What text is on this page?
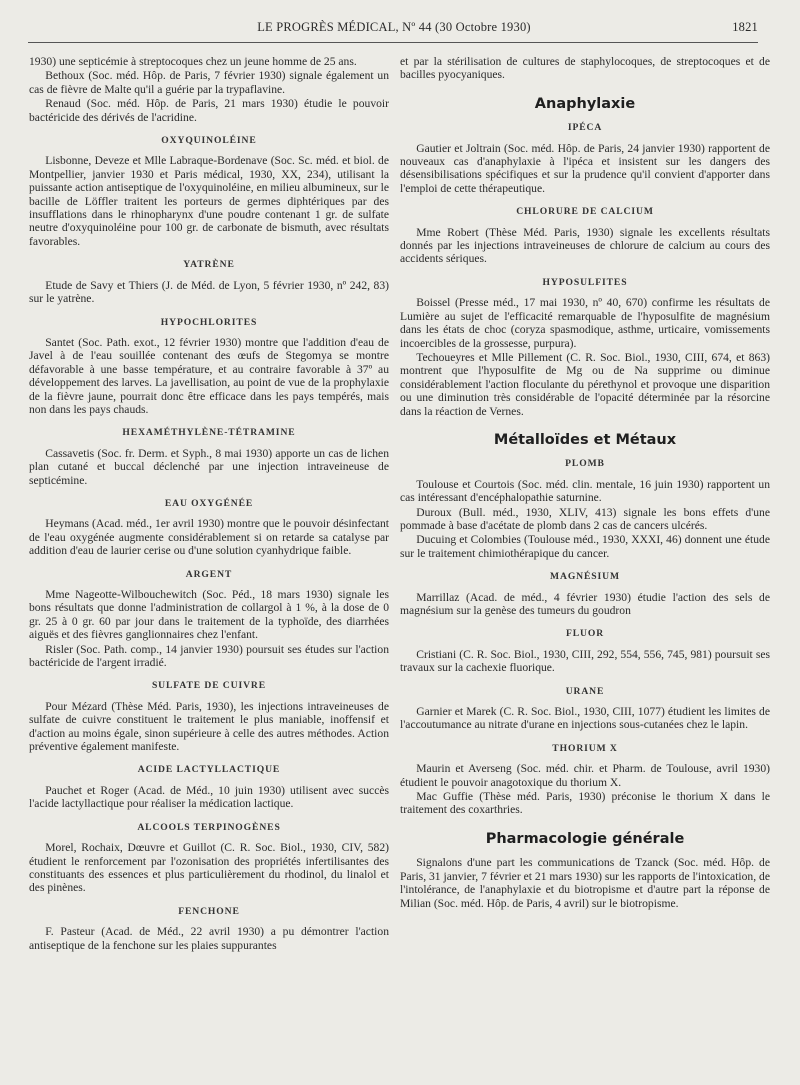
LE PROGRÈS MÉDICAL, Nº 44 (30 Octobre 1930)	1821

1930) une septicémie à streptocoques chez un jeune homme de 25 ans.

Bethoux (Soc. méd. Hôp. de Paris, 7 février 1930) signale également un cas de fièvre de Malte qu'il a guérie par la trypaflavine.

Renaud (Soc. méd. Hôp. de Paris, 21 mars 1930) étudie le pouvoir bactéricide des dérivés de l'acridine.

OXYQUINOLÉINE

Lisbonne, Deveze et Mlle Labraque-Bordenave (Soc. Sc. méd. et biol. de Montpellier, janvier 1930 et Paris médical, 1930, XX, 234), utilisant la puissante action antiseptique de l'oxyquinoléine, en milieu albumineux, sur le bacille de Löffler traitent les porteurs de germes diphtériques par des insufflations dans le rhinopharynx d'une poudre contenant 1 gr. de sulfate neutre d'oxyquinoléine pour 100 gr. de carbonate de bismuth, avec résultats favorables.

YATRÈNE

Etude de Savy et Thiers (J. de Méd. de Lyon, 5 février 1930, nº 242, 83) sur le yatrène.

HYPOCHLORITES

Santet (Soc. Path. exot., 12 février 1930) montre que l'addition d'eau de Javel à de l'eau souillée contenant des œufs de Stegomya se montre défavorable à une basse température, et au contraire favorable à 37º au développement des larves. La javellisation, au point de vue de la prophylaxie de la fièvre jaune, pourrait donc être efficace dans les pays tempérés, mais non dans les pays chauds.

HEXAMÉTHYLÈNE-TÉTRAMINE

Cassavetis (Soc. fr. Derm. et Syph., 8 mai 1930) apporte un cas de lichen plan cutané et buccal déclenché par une injection intraveineuse de septicémine.

EAU OXYGÉNÉE

Heymans (Acad. méd., 1er avril 1930) montre que le pouvoir désinfectant de l'eau oxygénée augmente considérablement si on retarde sa catalyse par addition d'eau de laurier cerise ou d'une solution cyanhydrique faible.

ARGENT

Mme Nageotte-Wilbouchewitch (Soc. Péd., 18 mars 1930) signale les bons résultats que donne l'administration de collargol à 1 %, à la dose de 0 gr. 25 à 0 gr. 60 par jour dans le traitement de la typhoïde, des diarrhées aiguës et des fièvres ganglionnaires chez l'enfant.

Risler (Soc. Path. comp., 14 janvier 1930) poursuit ses études sur l'action bactéricide de l'argent irradié.

SULFATE DE CUIVRE

Pour Mézard (Thèse Méd. Paris, 1930), les injections intraveineuses de sulfate de cuivre constituent le traitement le plus maniable, inoffensif et d'action au moins égale, sinon supérieure à celle des autres méthodes. Action préventive également manifeste.

ACIDE LACTYLLACTIQUE

Pauchet et Roger (Acad. de Méd., 10 juin 1930) utilisent avec succès l'acide lactyllactique pour réaliser la médication lactique.

ALCOOLS TERPINOGÈNES

Morel, Rochaix, Dœuvre et Guillot (C. R. Soc. Biol., 1930, CIV, 582) étudient le renforcement par l'ozonisation des propriétés infertilisantes des constituants des essences et plus particulièrement du rhodinol, du linalol et des pinènes.

FENCHONE

F. Pasteur (Acad. de Méd., 22 avril 1930) a pu démontrer l'action antiseptique de la fenchone sur les plaies suppurantes

et par la stérilisation de cultures de staphylocoques, de streptocoques et de bacilles pyocyaniques.

Anaphylaxie
IPÉCA

Gautier et Joltrain (Soc. méd. Hôp. de Paris, 24 janvier 1930) rapportent de nouveaux cas d'anaphylaxie à l'ipéca et insistent sur les dangers des désensibilisations spécifiques et sur la prudence qu'il convient d'apporter dans l'emploi de cette thérapeutique.

CHLORURE DE CALCIUM

Mme Robert (Thèse Méd. Paris, 1930) signale les excellents résultats donnés par les injections intraveineuses de chlorure de calcium au cours des accidents sériques.

HYPOSULFITES

Boissel (Presse méd., 17 mai 1930, nº 40, 670) confirme les résultats de Lumière au sujet de l'efficacité remarquable de l'hyposulfite de magnésium dans les états de choc (coryza spasmodique, asthme, urticaire, vomissements incoercibles de la grossesse, purpura).

Techoueyres et Mlle Pillement (C. R. Soc. Biol., 1930, CIII, 674, et 863) montrent que l'hyposulfite de Mg ou de Na supprime ou diminue considérablement l'action floculante du pérethynol et provoque une disparition ou une diminution très considérable de l'opacité déterminée par la résorcine dans la réaction de Vernes.

Métalloïdes et Métaux
PLOMB

Toulouse et Courtois (Soc. méd. clin. mentale, 16 juin 1930) rapportent un cas intéressant d'encéphalopathie saturnine.

Duroux (Bull. méd., 1930, XLIV, 413) signale les bons effets d'une pommade à base d'acétate de plomb dans 2 cas de cancers ulcérés.

Ducuing et Colombies (Toulouse méd., 1930, XXXI, 46) donnent une étude sur le traitement chimiothérapique du cancer.

MAGNÉSIUM

Marrillaz (Acad. de méd., 4 février 1930) étudie l'action des sels de magnésium sur la genèse des tumeurs du goudron

FLUOR

Cristiani (C. R. Soc. Biol., 1930, CIII, 292, 554, 556, 745, 981) poursuit ses travaux sur la cachexie fluorique.

URANE

Garnier et Marek (C. R. Soc. Biol., 1930, CIII, 1077) étudient les limites de l'accoutumance au nitrate d'urane en injections sous-cutanées chez le lapin.

THORIUM X

Maurin et Averseng (Soc. méd. chir. et Pharm. de Toulouse, avril 1930) étudient le pouvoir anagotoxique du thorium X.

Mac Guffie (Thèse méd. Paris, 1930) préconise le thorium X dans le traitement des coxarthries.

Pharmacologie générale

Signalons d'une part les communications de Tzanck (Soc. méd. Hôp. de Paris, 31 janvier, 7 février et 21 mars 1930) sur les rapports de l'intoxication, de l'intolérance, de l'anaphylaxie et du biotropisme et d'autre part la réponse de Milian (Soc. méd. Hôp. de Paris, 4 avril) sur le biotropisme.
